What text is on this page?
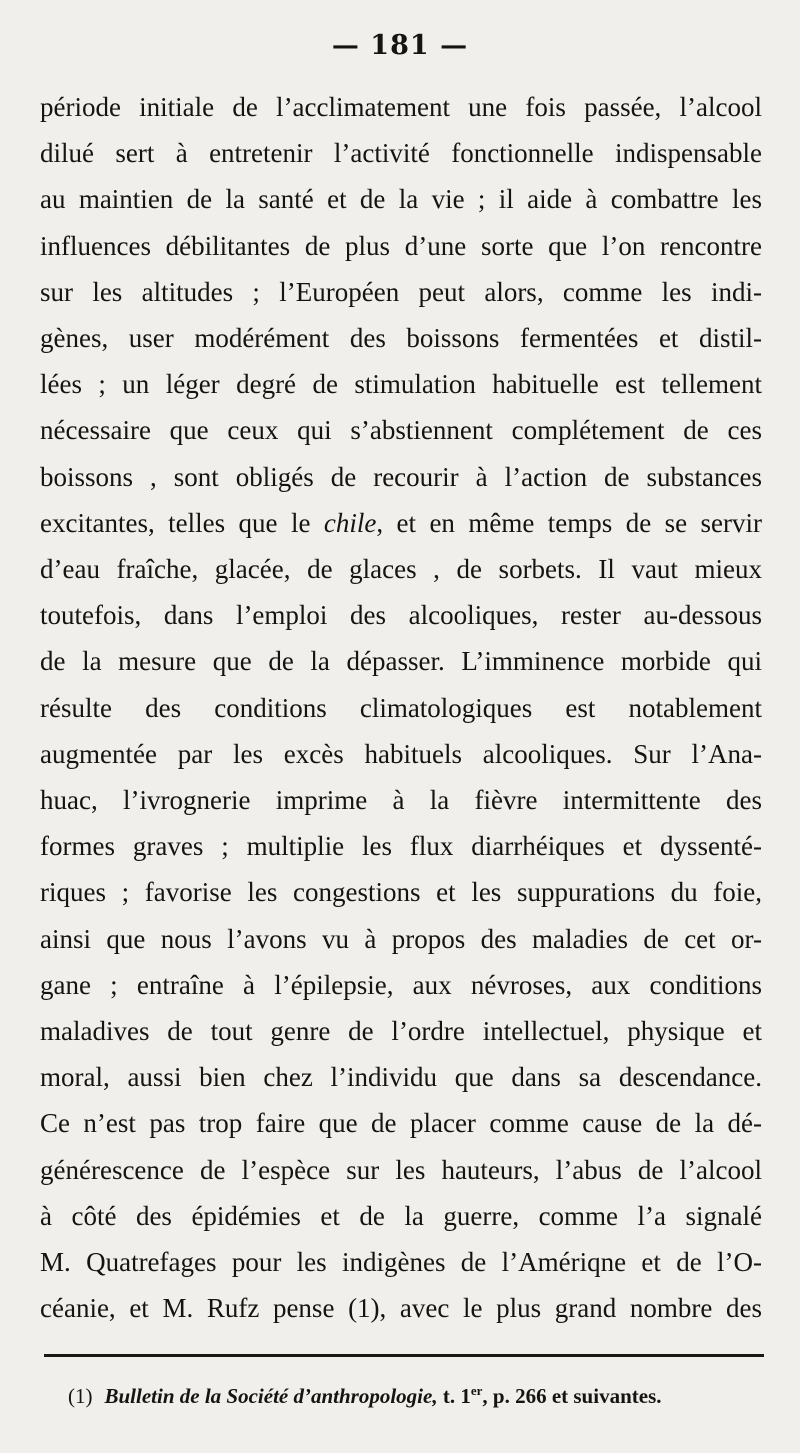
— 181 —
période initiale de l’acclimatement une fois passée, l’alcool
dilué sert à entretenir l’activité fonctionnelle indispensable
au maintien de la santé et de la vie ; il aide à combattre les
influences débilitantes de plus d’une sorte que l’on rencontre
sur les altitudes ; l’Européen peut alors, comme les indi-
gènes, user modérément des boissons fermentées et distil-
lées ; un léger degré de stimulation habituelle est tellement
nécessaire que ceux qui s’abstiennent complétement de ces
boissons , sont obligés de recourir à l’action de substances
excitantes, telles que le chile, et en même temps de se servir
d’eau fraîche, glacée, de glaces , de sorbets. Il vaut mieux
toutefois, dans l’emploi des alcooliques, rester au-dessous
de la mesure que de la dépasser. L’imminence morbide qui
résulte des conditions climatologiques est notablement
augmentée par les excès habituels alcooliques. Sur l’Ana-
huac, l’ivrognerie imprime à la fièvre intermittente des
formes graves ; multiplie les flux diarrhéiques et dyssenté-
riques ; favorise les congestions et les suppurations du foie,
ainsi que nous l’avons vu à propos des maladies de cet or-
gane ; entraîne à l’épilepsie, aux névroses, aux conditions
maladives de tout genre de l’ordre intellectuel, physique et
moral, aussi bien chez l’individu que dans sa descendance.
Ce n’est pas trop faire que de placer comme cause de la dé-
générescence de l’espèce sur les hauteurs, l’abus de l’alcool
à côté des épidémies et de la guerre, comme l’a signalé
M. Quatrefages pour les indigènes de l’Amériqne et de l’O-
céanie, et M. Rufz pense (1), avec le plus grand nombre des
(1) Bulletin de la Société d’anthropologie, t. 1er, p. 266 et suivantes.
